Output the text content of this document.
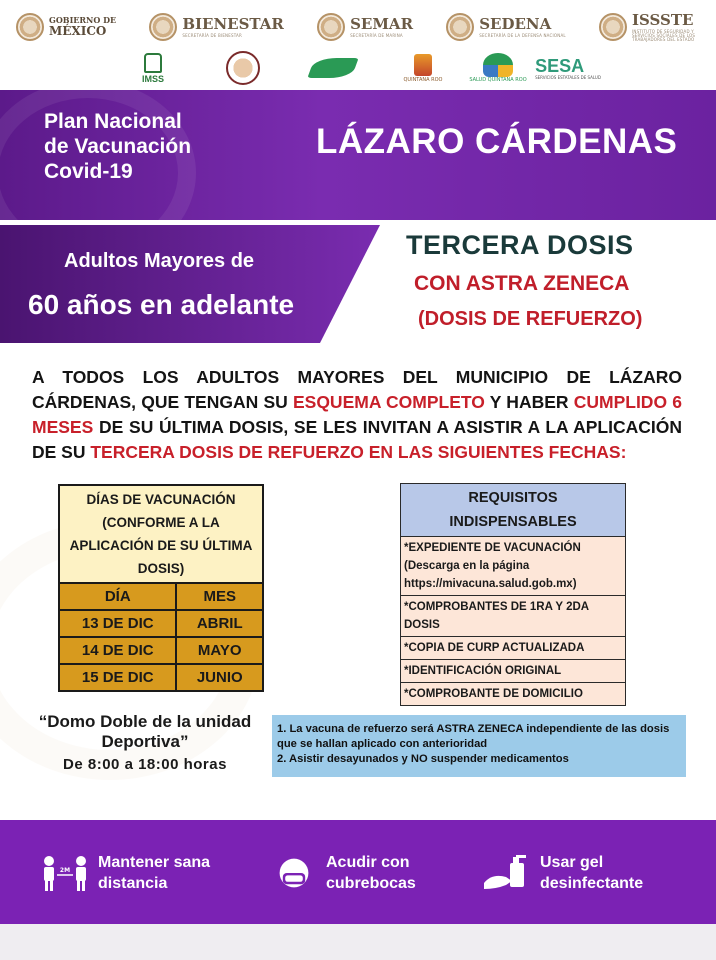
GOBIERNO DE
MÉXICO	BIENESTAR
SECRETARÍA DE BIENESTAR
SEMAR
SECRETARÍA DE MARINA
SEDENA
SECRETARÍA DE LA DEFENSA NACIONAL
ISSSTE
INSTITUTO DE SEGURIDAD Y SERVICIOS SOCIALES DE LOS TRABAJADORES DEL ESTADO
IMSS	QUINTANA ROO	SALUD QUINTANA ROO
SESA
SERVICIOS ESTATALES DE SALUD
Plan Nacional
de Vacunación
Covid-19
LÁZARO CÁRDENAS
Adultos Mayores de
60 años en adelante
TERCERA DOSIS
CON ASTRA ZENECA
(DOSIS DE REFUERZO)
A TODOS LOS ADULTOS MAYORES DEL MUNICIPIO DE LÁZARO CÁRDENAS, QUE TENGAN SU ESQUEMA COMPLETO Y HABER CUMPLIDO 6 MESES DE SU ÚLTIMA DOSIS, SE LES INVITAN A ASISTIR A LA APLICACIÓN DE SU TERCERA DOSIS DE REFUERZO EN LAS SIGUIENTES FECHAS:
DÍAS DE VACUNACIÓN (CONFORME A LA APLICACIÓN DE SU ÚLTIMA DOSIS)	
DÍA	MES
13 DE DIC	ABRIL
14 DE DIC	MAYO
15 DE DIC	JUNIO
REQUISITOS INDISPENSABLES
*EXPEDIENTE DE VACUNACIÓN (Descarga en la página https://mivacuna.salud.gob.mx)
*COMPROBANTES DE 1RA Y 2DA DOSIS
*COPIA DE CURP ACTUALIZADA
*IDENTIFICACIÓN ORIGINAL
*COMPROBANTE DE DOMICILIO
“Domo Doble de la unidad Deportiva”
De 8:00 a 18:00 horas

1. La vacuna de refuerzo será ASTRA ZENECA independiente de las dosis que se hallan aplicado con anterioridad

2. Asistir desayunados y NO suspender medicamentos

2M Mantener sana distancia
Acudir con cubrebocas
Usar gel desinfectante
